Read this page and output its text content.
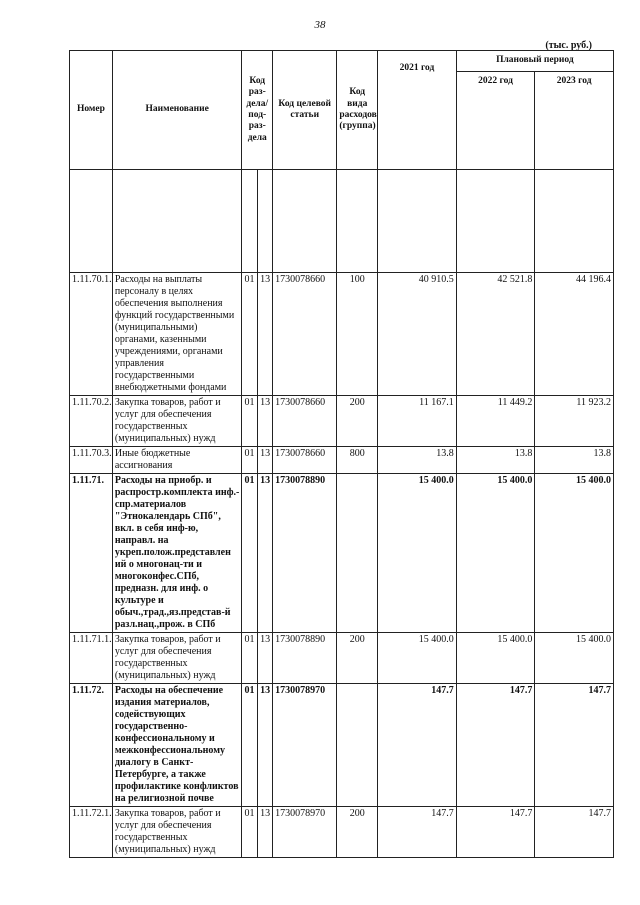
38
(тыс. руб.)
Номер	Наименование	Код раз- дела/ под- раз- дела		Код целевой статьи	Код вида расходов (группа)	2021 год	Плановый период	
							2022 год	2023 год

1.11.70.1.	Расходы на выплаты персоналу в целях обеспечения выполнения функций государственными (муниципальными) органами, казенными учреждениями, органами управления государственными внебюджетными фондами	01	13	1730078660	100	40 910.5	42 521.8	44 196.4
1.11.70.2.	Закупка товаров, работ и услуг для обеспечения государственных (муниципальных) нужд	01	13	1730078660	200	11 167.1	11 449.2	11 923.2
1.11.70.3.	Иные бюджетные ассигнования	01	13	1730078660	800	13.8	13.8	13.8
1.11.71.	Расходы на приобр. и распростр.комплекта инф.-спр.материалов "Этнокалендарь СПб", вкл. в себя инф-ю, направл. на укреп.полож.представлен ий о многонац-ти и многоконфес.СПб, предназн. для инф. о культуре и обыч.,трад.,яз.представ-й разл.нац.,прож. в СПб	01	13	1730078890		15 400.0	15 400.0	15 400.0
1.11.71.1.	Закупка товаров, работ и услуг для обеспечения государственных (муниципальных) нужд	01	13	1730078890	200	15 400.0	15 400.0	15 400.0
1.11.72.	Расходы на обеспечение издания материалов, содействующих государственно-конфессиональному и межконфессиональному диалогу в Санкт-Петербурге, а также профилактике конфликтов на религиозной почве	01	13	1730078970		147.7	147.7	147.7
1.11.72.1.	Закупка товаров, работ и услуг для обеспечения государственных (муниципальных) нужд	01	13	1730078970	200	147.7	147.7	147.7
